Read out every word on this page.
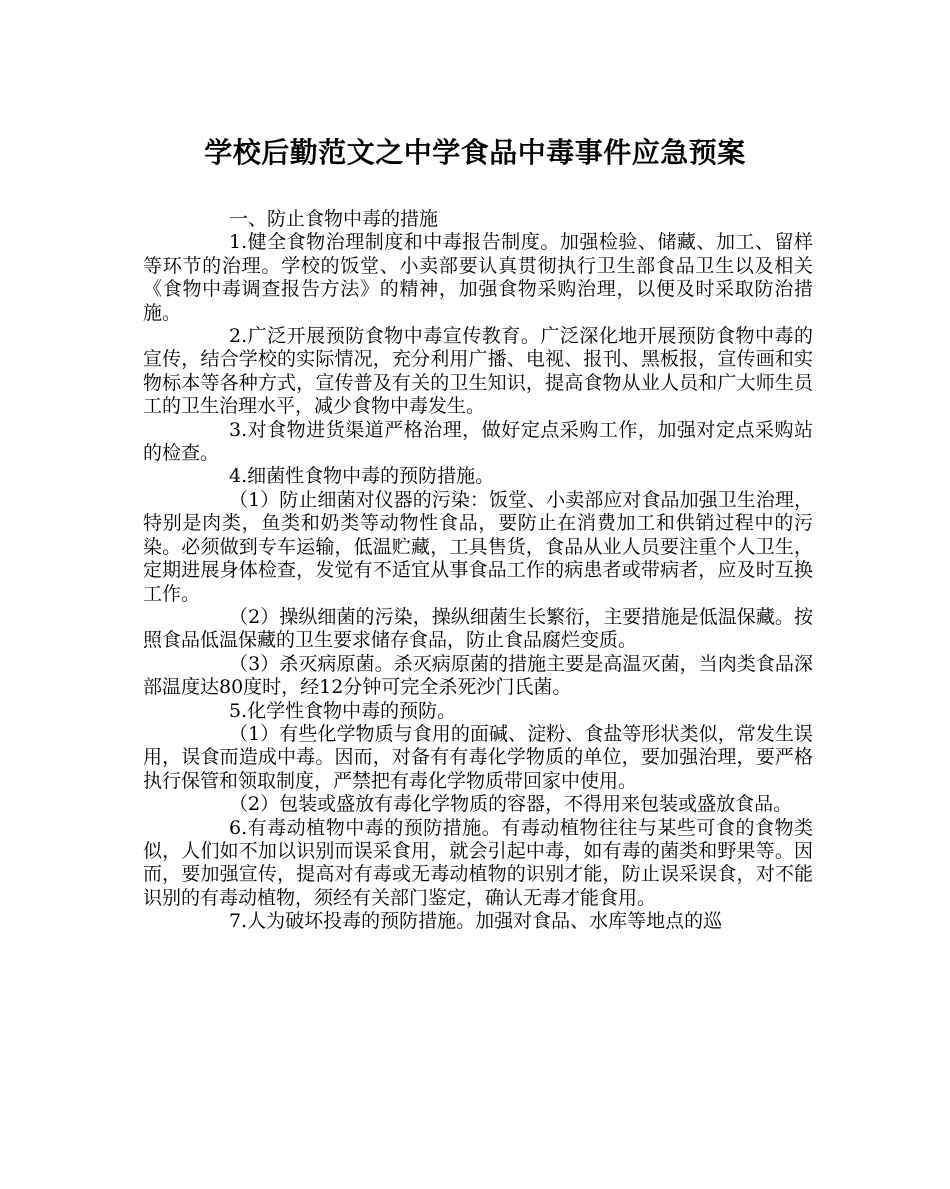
学校后勤范文之中学食品中毒事件应急预案

一、防止食物中毒的措施

1.健全食物治理制度和中毒报告制度。加强检验、储藏、加工、留样等环节的治理。学校的饭堂、小卖部要认真贯彻执行卫生部食品卫生以及相关《食物中毒调查报告方法》的精神，加强食物采购治理，以便及时采取防治措施。

2.广泛开展预防食物中毒宣传教育。广泛深化地开展预防食物中毒的宣传，结合学校的实际情况，充分利用广播、电视、报刊、黑板报，宣传画和实物标本等各种方式，宣传普及有关的卫生知识，提高食物从业人员和广大师生员工的卫生治理水平，减少食物中毒发生。

3.对食物进货渠道严格治理，做好定点采购工作，加强对定点采购站的检查。

4.细菌性食物中毒的预防措施。

（1）防止细菌对仪器的污染：饭堂、小卖部应对食品加强卫生治理，特别是肉类，鱼类和奶类等动物性食品，要防止在消费加工和供销过程中的污染。必须做到专车运输，低温贮藏，工具售货，食品从业人员要注重个人卫生，定期进展身体检查，发觉有不适宜从事食品工作的病患者或带病者，应及时互换工作。

（2）操纵细菌的污染，操纵细菌生长繁衍，主要措施是低温保藏。按照食品低温保藏的卫生要求储存食品，防止食品腐烂变质。

（3）杀灭病原菌。杀灭病原菌的措施主要是高温灭菌，当肉类食品深部温度达80度时，经12分钟可完全杀死沙门氏菌。

5.化学性食物中毒的预防。

（1）有些化学物质与食用的面碱、淀粉、食盐等形状类似，常发生误用，误食而造成中毒。因而，对备有有毒化学物质的单位，要加强治理，要严格执行保管和领取制度，严禁把有毒化学物质带回家中使用。

（2）包装或盛放有毒化学物质的容器，不得用来包装或盛放食品。

6.有毒动植物中毒的预防措施。有毒动植物往往与某些可食的食物类似，人们如不加以识别而误采食用，就会引起中毒，如有毒的菌类和野果等。因而，要加强宣传，提高对有毒或无毒动植物的识别才能，防止误采误食，对不能识别的有毒动植物，须经有关部门鉴定，确认无毒才能食用。

7.人为破坏投毒的预防措施。加强对食品、水库等地点的巡
